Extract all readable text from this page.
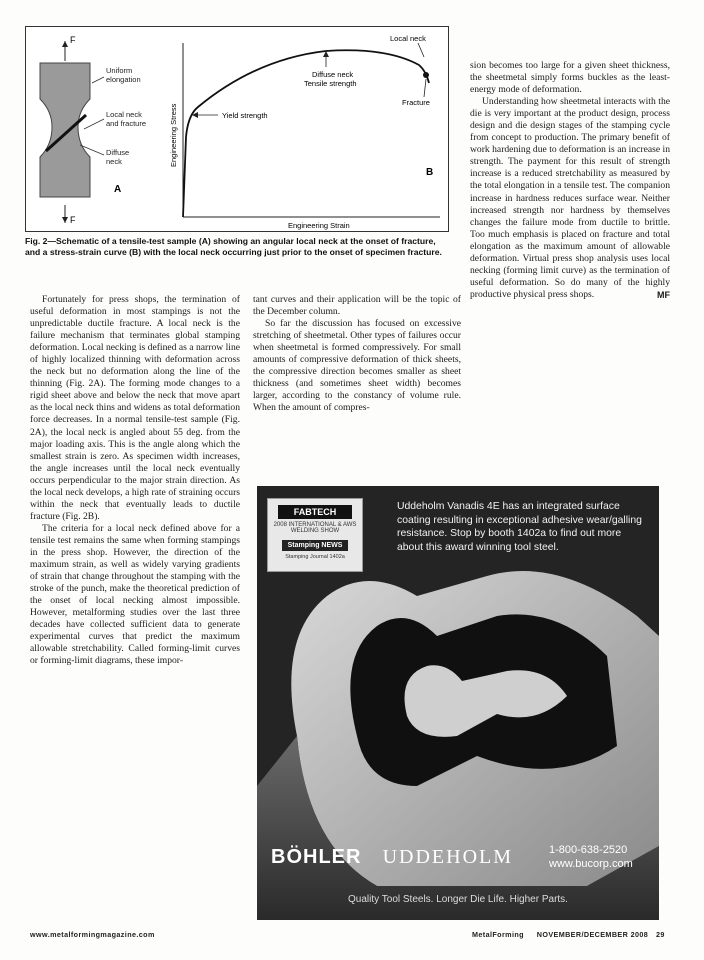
F
F
Uniform elongation
Local neck and fracture
Diffuse neck
A
Yield strength
Diffuse neck Tensile strength
Local neck
Fracture
B
Engineering Strain
Engineering Stress
Fig. 2—Schematic of a tensile-test sample (A) showing an angular local neck at the onset of fracture, and a stress-strain curve (B) with the local neck occurring just prior to the onset of specimen fracture.

Fortunately for press shops, the termination of useful deformation in most stampings is not the unpredictable ductile fracture. A local neck is the failure mechanism that terminates global stamping deformation. Local necking is defined as a narrow line of highly localized thinning with deformation across the neck but no deformation along the line of the thinning (Fig. 2A). The forming mode changes to a rigid sheet above and below the neck that move apart as the local neck thins and widens as total deformation force decreases. In a normal tensile-test sample (Fig. 2A), the local neck is angled about 55 deg. from the major loading axis. This is the angle along which the smallest strain is zero. As specimen width increases, the angle increases until the local neck eventually occurs perpendicular to the major strain direction. As the local neck develops, a high rate of straining occurs within the neck that eventually leads to ductile fracture (Fig. 2B).

The criteria for a local neck defined above for a tensile test remains the same when forming stampings in the press shop. However, the direction of the maximum strain, as well as widely varying gradients of strain that change throughout the stamping with the stroke of the punch, make the theoretical prediction of the onset of local necking almost impossible. However, metalforming studies over the last three decades have collected sufficient data to generate experimental curves that predict the maximum allowable stretchability. Called forming-limit curves or forming-limit diagrams, these impor-

tant curves and their application will be the topic of the December column.

So far the discussion has focused on excessive stretching of sheetmetal. Other types of failures occur when sheetmetal is formed compressively. For small amounts of compressive deformation of thick sheets, the compressive direction becomes smaller as sheet thickness (and sometimes sheet width) becomes larger, according to the constancy of volume rule. When the amount of compres-

sion becomes too large for a given sheet thickness, the sheetmetal simply forms buckles as the least-energy mode of deformation.

Understanding how sheetmetal interacts with the die is very important at the product design, process design and die design stages of the stamping cycle from concept to production. The primary benefit of work hardening due to deformation is an increase in strength. The payment for this result of strength increase is a reduced stretchability as measured by the total elongation in a tensile test. The companion increase in hardness reduces surface wear. Neither increased strength nor hardness by themselves changes the failure mode from ductile to brittle. Too much emphasis is placed on fracture and total elongation as the maximum amount of allowable deformation. Virtual press shop analysis uses local necking (forming limit curve) as the termination of useful deformation. So do many of the highly productive physical press shops.	MF

FABTECH
2008 INTERNATIONAL & AWS WELDING SHOW
Stamping NEWS
Stamping Journal 1402a
Uddeholm Vanadis 4E has an integrated surface coating resulting in exceptional adhesive wear/galling resistance. Stop by booth 1402a to find out more about this award winning tool steel.
BÖHLER UDDEHOLM	1-800-638-2520
www.bucorp.com
Quality Tool Steels. Longer Die Life. Higher Parts.
www.metalformingmagazine.com	MetalForming NOVEMBER/DECEMBER 2008 29
